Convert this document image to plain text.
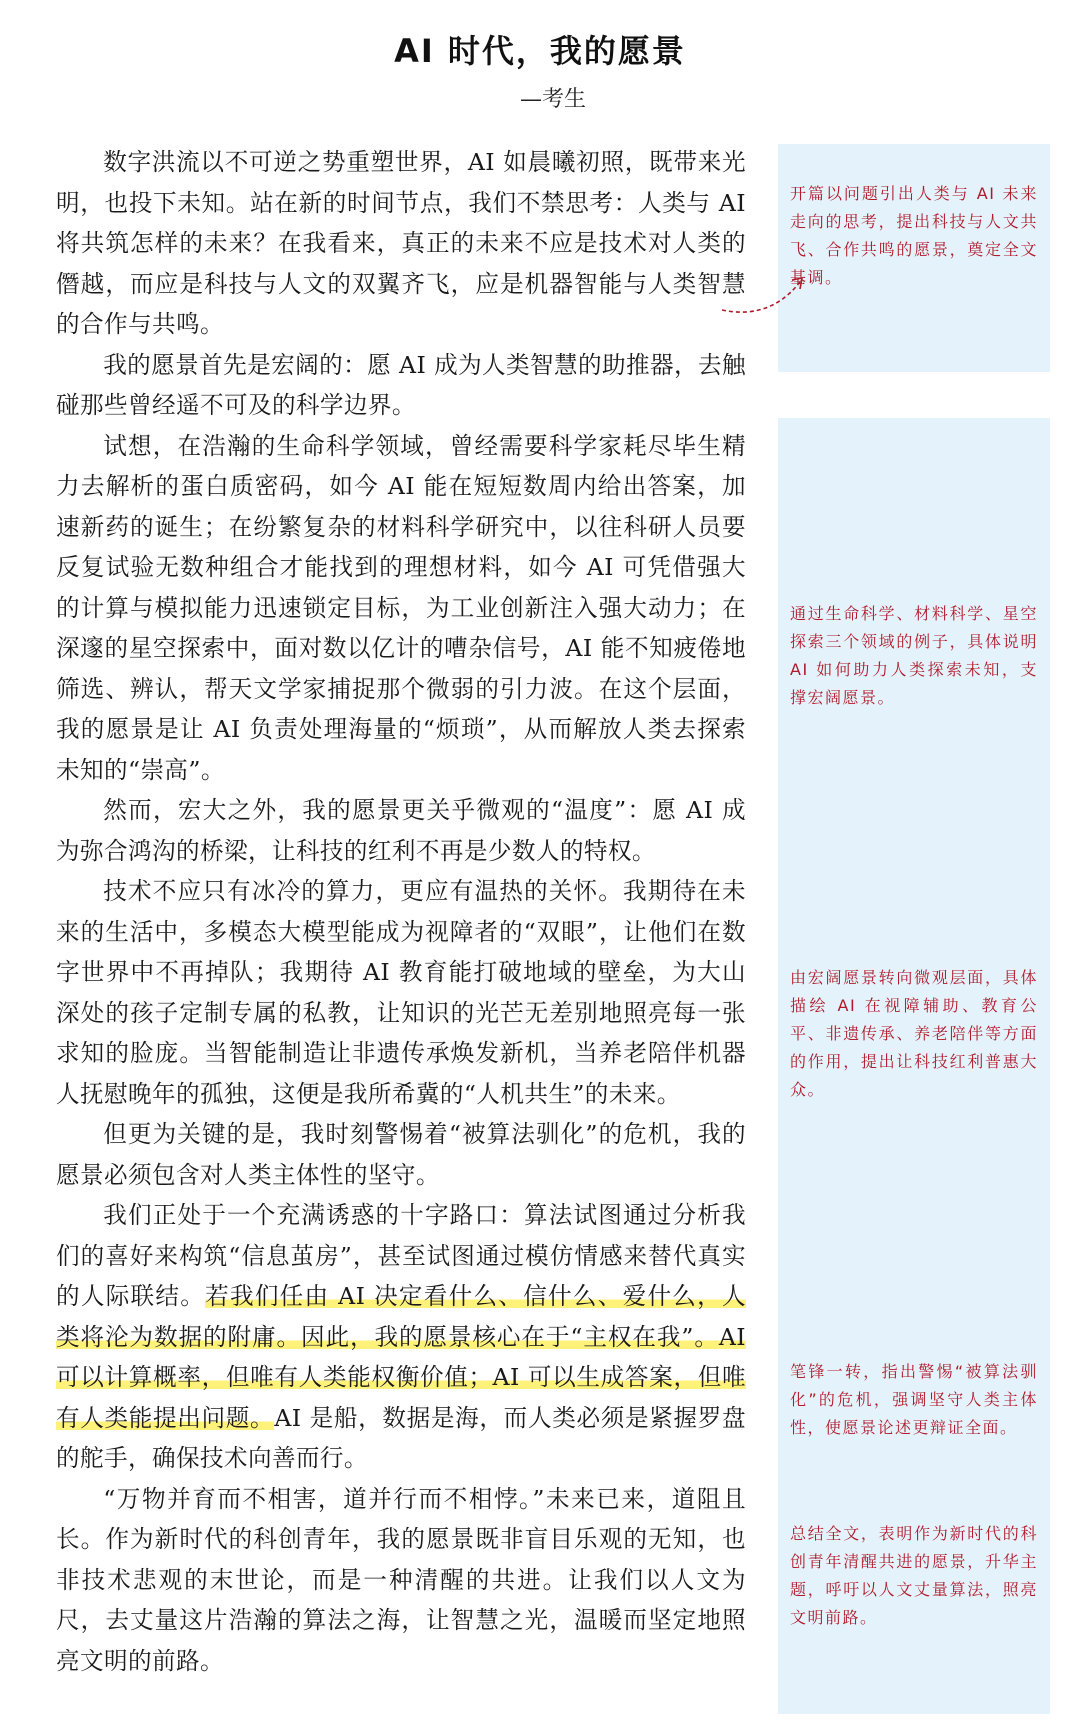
AI 时代，我的愿景
—考生

数字洪流以不可逆之势重塑世界，AI 如晨曦初照，既带来光明，也投下未知。站在新的时间节点，我们不禁思考：人类与 AI 将共筑怎样的未来？在我看来，真正的未来不应是技术对人类的僭越，而应是科技与人文的双翼齐飞，应是机器智能与人类智慧的合作与共鸣。

我的愿景首先是宏阔的：愿 AI 成为人类智慧的助推器，去触碰那些曾经遥不可及的科学边界。

试想，在浩瀚的生命科学领域，曾经需要科学家耗尽毕生精力去解析的蛋白质密码，如今 AI 能在短短数周内给出答案，加速新药的诞生；在纷繁复杂的材料科学研究中，以往科研人员要反复试验无数种组合才能找到的理想材料，如今 AI 可凭借强大的计算与模拟能力迅速锁定目标，为工业创新注入强大动力；在深邃的星空探索中，面对数以亿计的嘈杂信号，AI 能不知疲倦地筛选、辨认，帮天文学家捕捉那个微弱的引力波。在这个层面，我的愿景是让 AI 负责处理海量的“烦琐”，从而解放人类去探索未知的“崇高”。

然而，宏大之外，我的愿景更关乎微观的“温度”：愿 AI 成为弥合鸿沟的桥梁，让科技的红利不再是少数人的特权。

技术不应只有冰冷的算力，更应有温热的关怀。我期待在未来的生活中，多模态大模型能成为视障者的“双眼”，让他们在数字世界中不再掉队；我期待 AI 教育能打破地域的壁垒，为大山深处的孩子定制专属的私教，让知识的光芒无差别地照亮每一张求知的脸庞。当智能制造让非遗传承焕发新机，当养老陪伴机器人抚慰晚年的孤独，这便是我所希冀的“人机共生”的未来。

但更为关键的是，我时刻警惕着“被算法驯化”的危机，我的愿景必须包含对人类主体性的坚守。

我们正处于一个充满诱惑的十字路口：算法试图通过分析我们的喜好来构筑“信息茧房”，甚至试图通过模仿情感来替代真实的人际联结。若我们任由 AI 决定看什么、信什么、爱什么，人类将沦为数据的附庸。因此，我的愿景核心在于“主权在我”。AI 可以计算概率，但唯有人类能权衡价值；AI 可以生成答案，但唯有人类能提出问题。AI 是船，数据是海，而人类必须是紧握罗盘的舵手，确保技术向善而行。

“万物并育而不相害，道并行而不相悖。”未来已来，道阻且长。作为新时代的科创青年，我的愿景既非盲目乐观的无知，也非技术悲观的末世论，而是一种清醒的共进。让我们以人文为尺，去丈量这片浩瀚的算法之海，让智慧之光，温暖而坚定地照亮文明的前路。

开篇以问题引出人类与 AI 未来走向的思考，提出科技与人文共飞、合作共鸣的愿景，奠定全文基调。
通过生命科学、材料科学、星空探索三个领域的例子，具体说明 AI 如何助力人类探索未知，支撑宏阔愿景。
由宏阔愿景转向微观层面，具体描绘 AI 在视障辅助、教育公平、非遗传承、养老陪伴等方面的作用，提出让科技红利普惠大众。
笔锋一转，指出警惕“被算法驯化”的危机，强调坚守人类主体性，使愿景论述更辩证全面。
总结全文，表明作为新时代的科创青年清醒共进的愿景，升华主题，呼吁以人文丈量算法，照亮文明前路。
